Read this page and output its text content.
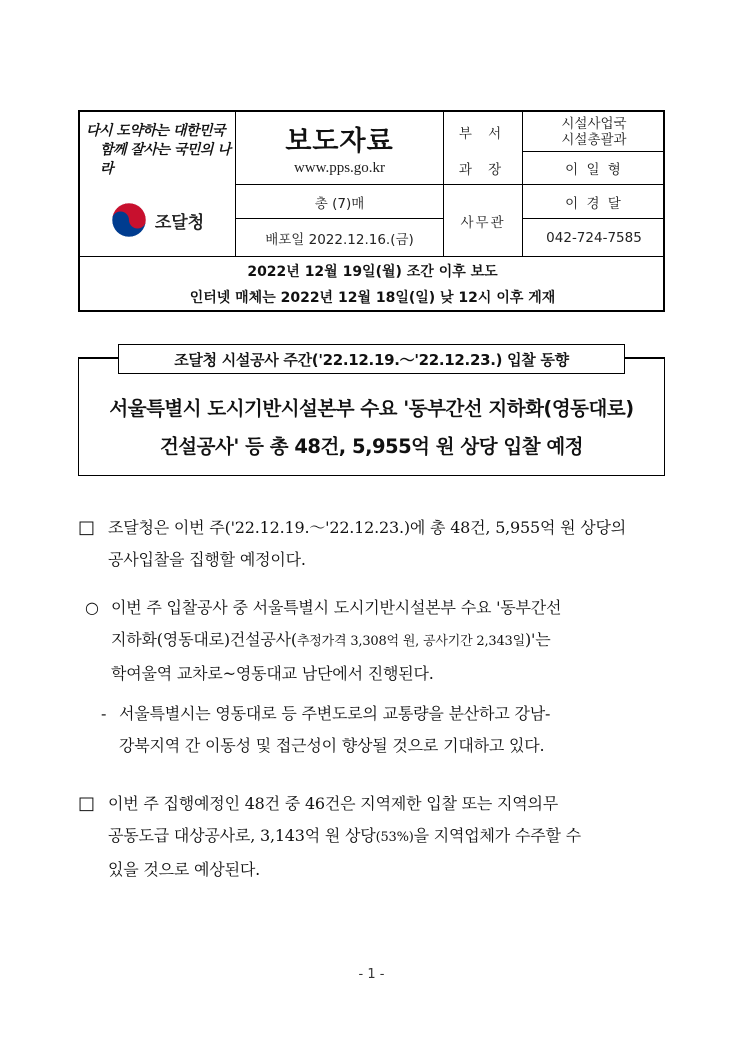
다시 도약하는 대한민국
함께 잘사는 국민의 나라
보도자료
www.pps.go.kr
조달청
총 (7)매
배포일 2022.12.16.(금)
부 서
과 장
사무관
시설사업국
시설총괄과
이 일 형
이 경 달
042-724-7585
2022년 12월 19일(월) 조간 이후 보도
인터넷 매체는 2022년 12월 18일(일) 낮 12시 이후 게재
조달청 시설공사 주간('22.12.19.～'22.12.23.) 입찰 동향
서울특별시 도시기반시설본부 수요 '동부간선 지하화(영동대로)
건설공사' 등 총 48건, 5,955억 원 상당 입찰 예정
□ 조달청은 이번 주('22.12.19.～'22.12.23.)에 총 48건, 5,955억 원 상당의
공사입찰을 집행할 예정이다.
○ 이번 주 입찰공사 중 서울특별시 도시기반시설본부 수요 '동부간선
지하화(영동대로)건설공사(추정가격 3,308억 원, 공사기간 2,343일)'는
학여울역 교차로~영동대교 남단에서 진행된다.
- 서울특별시는 영동대로 등 주변도로의 교통량을 분산하고 강남-
강북지역 간 이동성 및 접근성이 향상될 것으로 기대하고 있다.
□ 이번 주 집행예정인 48건 중 46건은 지역제한 입찰 또는 지역의무
공동도급 대상공사로, 3,143억 원 상당(53%)을 지역업체가 수주할 수
있을 것으로 예상된다.
- 1 -
